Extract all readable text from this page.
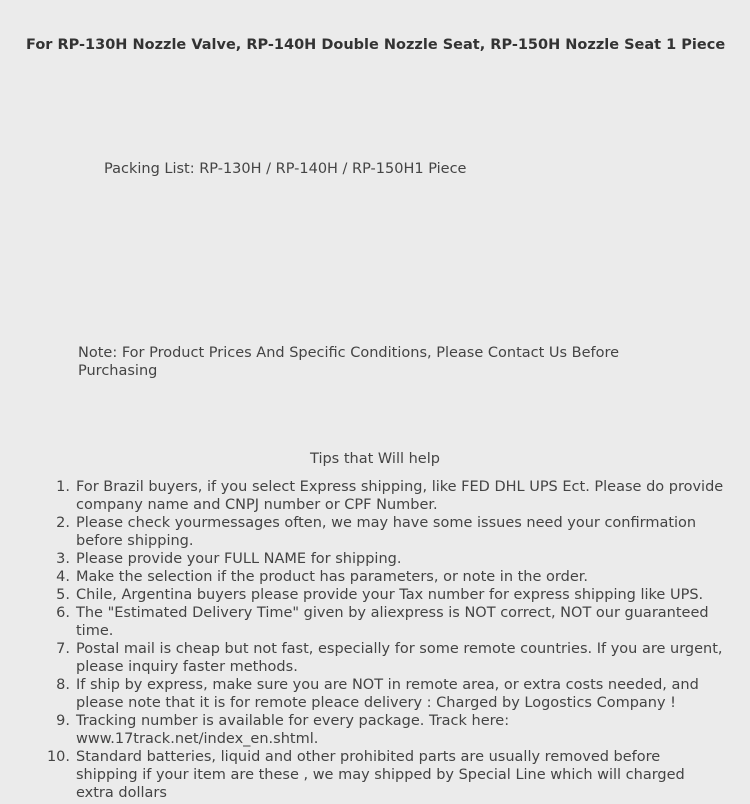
For RP-130H Nozzle Valve, RP-140H Double Nozzle Seat, RP-150H Nozzle Seat 1 Piece
Packing List: RP-130H / RP-140H / RP-150H1 Piece
Note: For Product Prices And Specific Conditions, Please Contact Us Before Purchasing
Tips that Will help
1. For Brazil buyers, if you select Express shipping, like FED DHL UPS Ect. Please do provide company name and CNPJ number or CPF Number.
2. Please check yourmessages often, we may have some issues need your confirmation before shipping.
3. Please provide your FULL NAME for shipping.
4. Make the selection if the product has parameters, or note in the order.
5. Chile, Argentina buyers please provide your Tax number for express shipping like UPS.
6. The "Estimated Delivery Time" given by aliexpress is NOT correct, NOT our guaranteed time.
7. Postal mail is cheap but not fast, especially for some remote countries. If you are urgent, please inquiry faster methods.
8. If ship by express, make sure you are NOT in remote area, or extra costs needed, and please note that it is for remote pleace delivery : Charged by Logostics Company !
9. Tracking number is available for every package. Track here: www.17track.net/index_en.shtml.
10. Standard batteries, liquid and other prohibited parts are usually removed before shipping if your item are these , we may shipped by Special Line which will charged extra dollars
